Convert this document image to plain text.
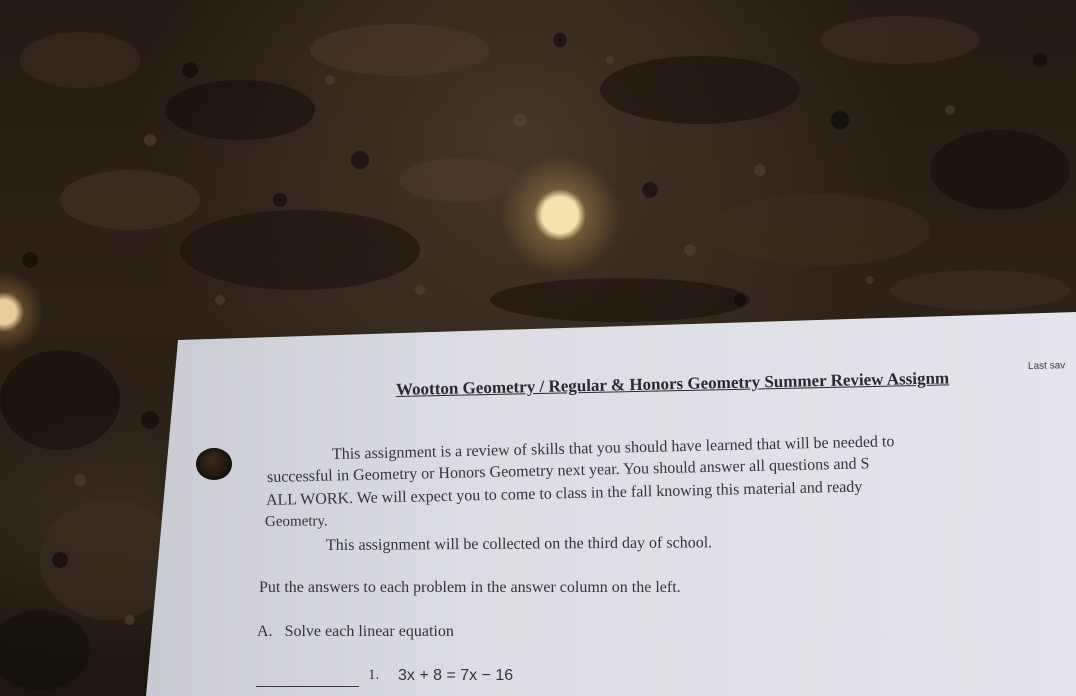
Last sav
Wootton Geometry / Regular & Honors Geometry Summer Review Assignm
This assignment is a review of skills that you should have learned that will be needed to
successful in Geometry or Honors Geometry next year. You should answer all questions and S
ALL WORK. We will expect you to come to class in the fall knowing this material and ready
Geometry.
This assignment will be collected on the third day of school.
Put the answers to each problem in the answer column on the left.
A. Solve each linear equation
1. 3x + 8 = 7x − 16
